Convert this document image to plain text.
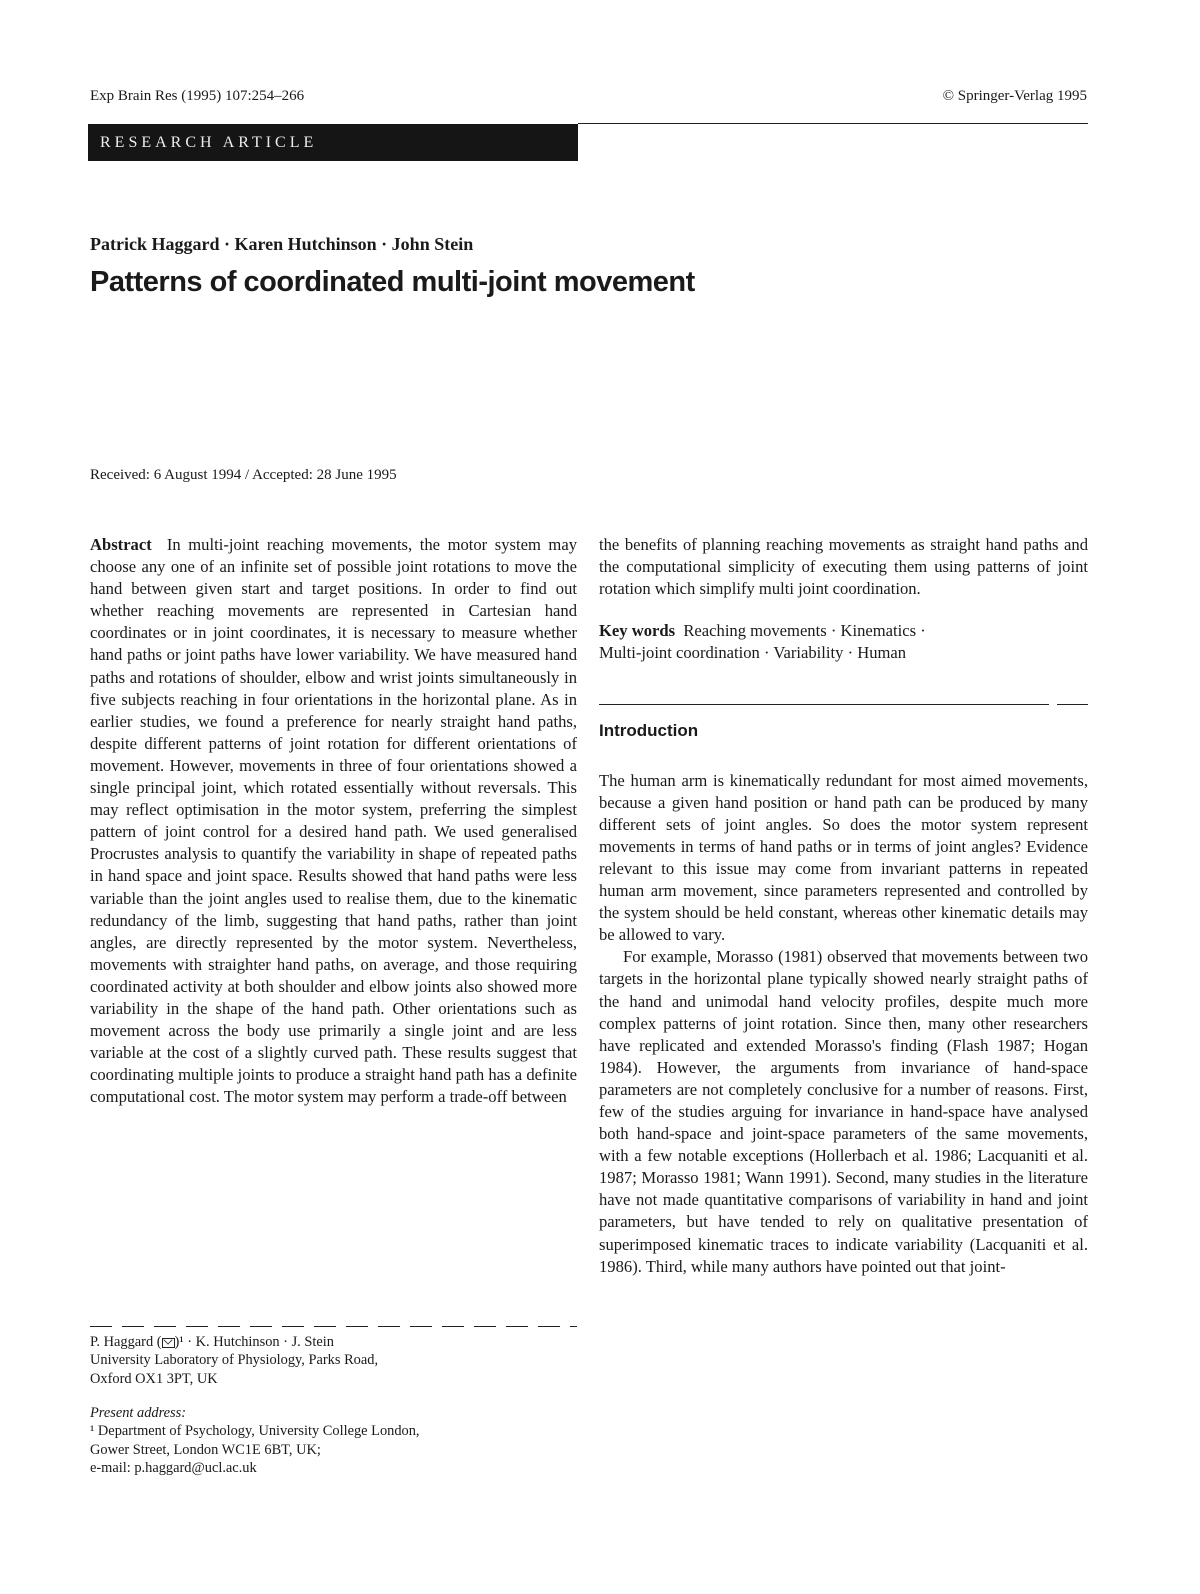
Exp Brain Res (1995) 107:254–266	© Springer-Verlag 1995
RESEARCH ARTICLE
Patrick Haggard · Karen Hutchinson · John Stein
Patterns of coordinated multi-joint movement
Received: 6 August 1994 / Accepted: 28 June 1995

Abstract In multi-joint reaching movements, the motor system may choose any one of an infinite set of possible joint rotations to move the hand between given start and target positions. In order to find out whether reaching movements are represented in Cartesian hand coordinates or in joint coordinates, it is necessary to measure whether hand paths or joint paths have lower variability. We have measured hand paths and rotations of shoulder, elbow and wrist joints simultaneously in five subjects reaching in four orientations in the horizontal plane. As in earlier studies, we found a preference for nearly straight hand paths, despite different patterns of joint rotation for different orientations of movement. However, movements in three of four orientations showed a single principal joint, which rotated essentially without reversals. This may reflect optimisation in the motor system, preferring the simplest pattern of joint control for a desired hand path. We used generalised Procrustes analysis to quantify the variability in shape of repeated paths in hand space and joint space. Results showed that hand paths were less variable than the joint angles used to realise them, due to the kinematic redundancy of the limb, suggesting that hand paths, rather than joint angles, are directly represented by the motor system. Nevertheless, movements with straighter hand paths, on average, and those requiring coordinated activity at both shoulder and elbow joints also showed more variability in the shape of the hand path. Other orientations such as movement across the body use primarily a single joint and are less variable at the cost of a slightly curved path. These results suggest that coordinating multiple joints to produce a straight hand path has a definite computational cost. The motor system may perform a trade-off between

the benefits of planning reaching movements as straight hand paths and the computational simplicity of executing them using patterns of joint rotation which simplify multi joint coordination.

Key words Reaching movements · Kinematics ·
Multi-joint coordination · Variability · Human

Introduction

The human arm is kinematically redundant for most aimed movements, because a given hand position or hand path can be produced by many different sets of joint angles. So does the motor system represent movements in terms of hand paths or in terms of joint angles? Evidence relevant to this issue may come from invariant patterns in repeated human arm movement, since parameters represented and controlled by the system should be held constant, whereas other kinematic details may be allowed to vary.

For example, Morasso (1981) observed that movements between two targets in the horizontal plane typically showed nearly straight paths of the hand and unimodal hand velocity profiles, despite much more complex patterns of joint rotation. Since then, many other researchers have replicated and extended Morasso's finding (Flash 1987; Hogan 1984). However, the arguments from invariance of hand-space parameters are not completely conclusive for a number of reasons. First, few of the studies arguing for invariance in hand-space have analysed both hand-space and joint-space parameters of the same movements, with a few notable exceptions (Hollerbach et al. 1986; Lacquaniti et al. 1987; Morasso 1981; Wann 1991). Second, many studies in the literature have not made quantitative comparisons of variability in hand and joint parameters, but have tended to rely on qualitative presentation of superimposed kinematic traces to indicate variability (Lacquaniti et al. 1986). Third, while many authors have pointed out that joint-

P. Haggard ( )¹ · K. Hutchinson · J. Stein
University Laboratory of Physiology, Parks Road,
Oxford OX1 3PT, UK
Present address:
¹ Department of Psychology, University College London,
Gower Street, London WC1E 6BT, UK;
e-mail: p.haggard@ucl.ac.uk
